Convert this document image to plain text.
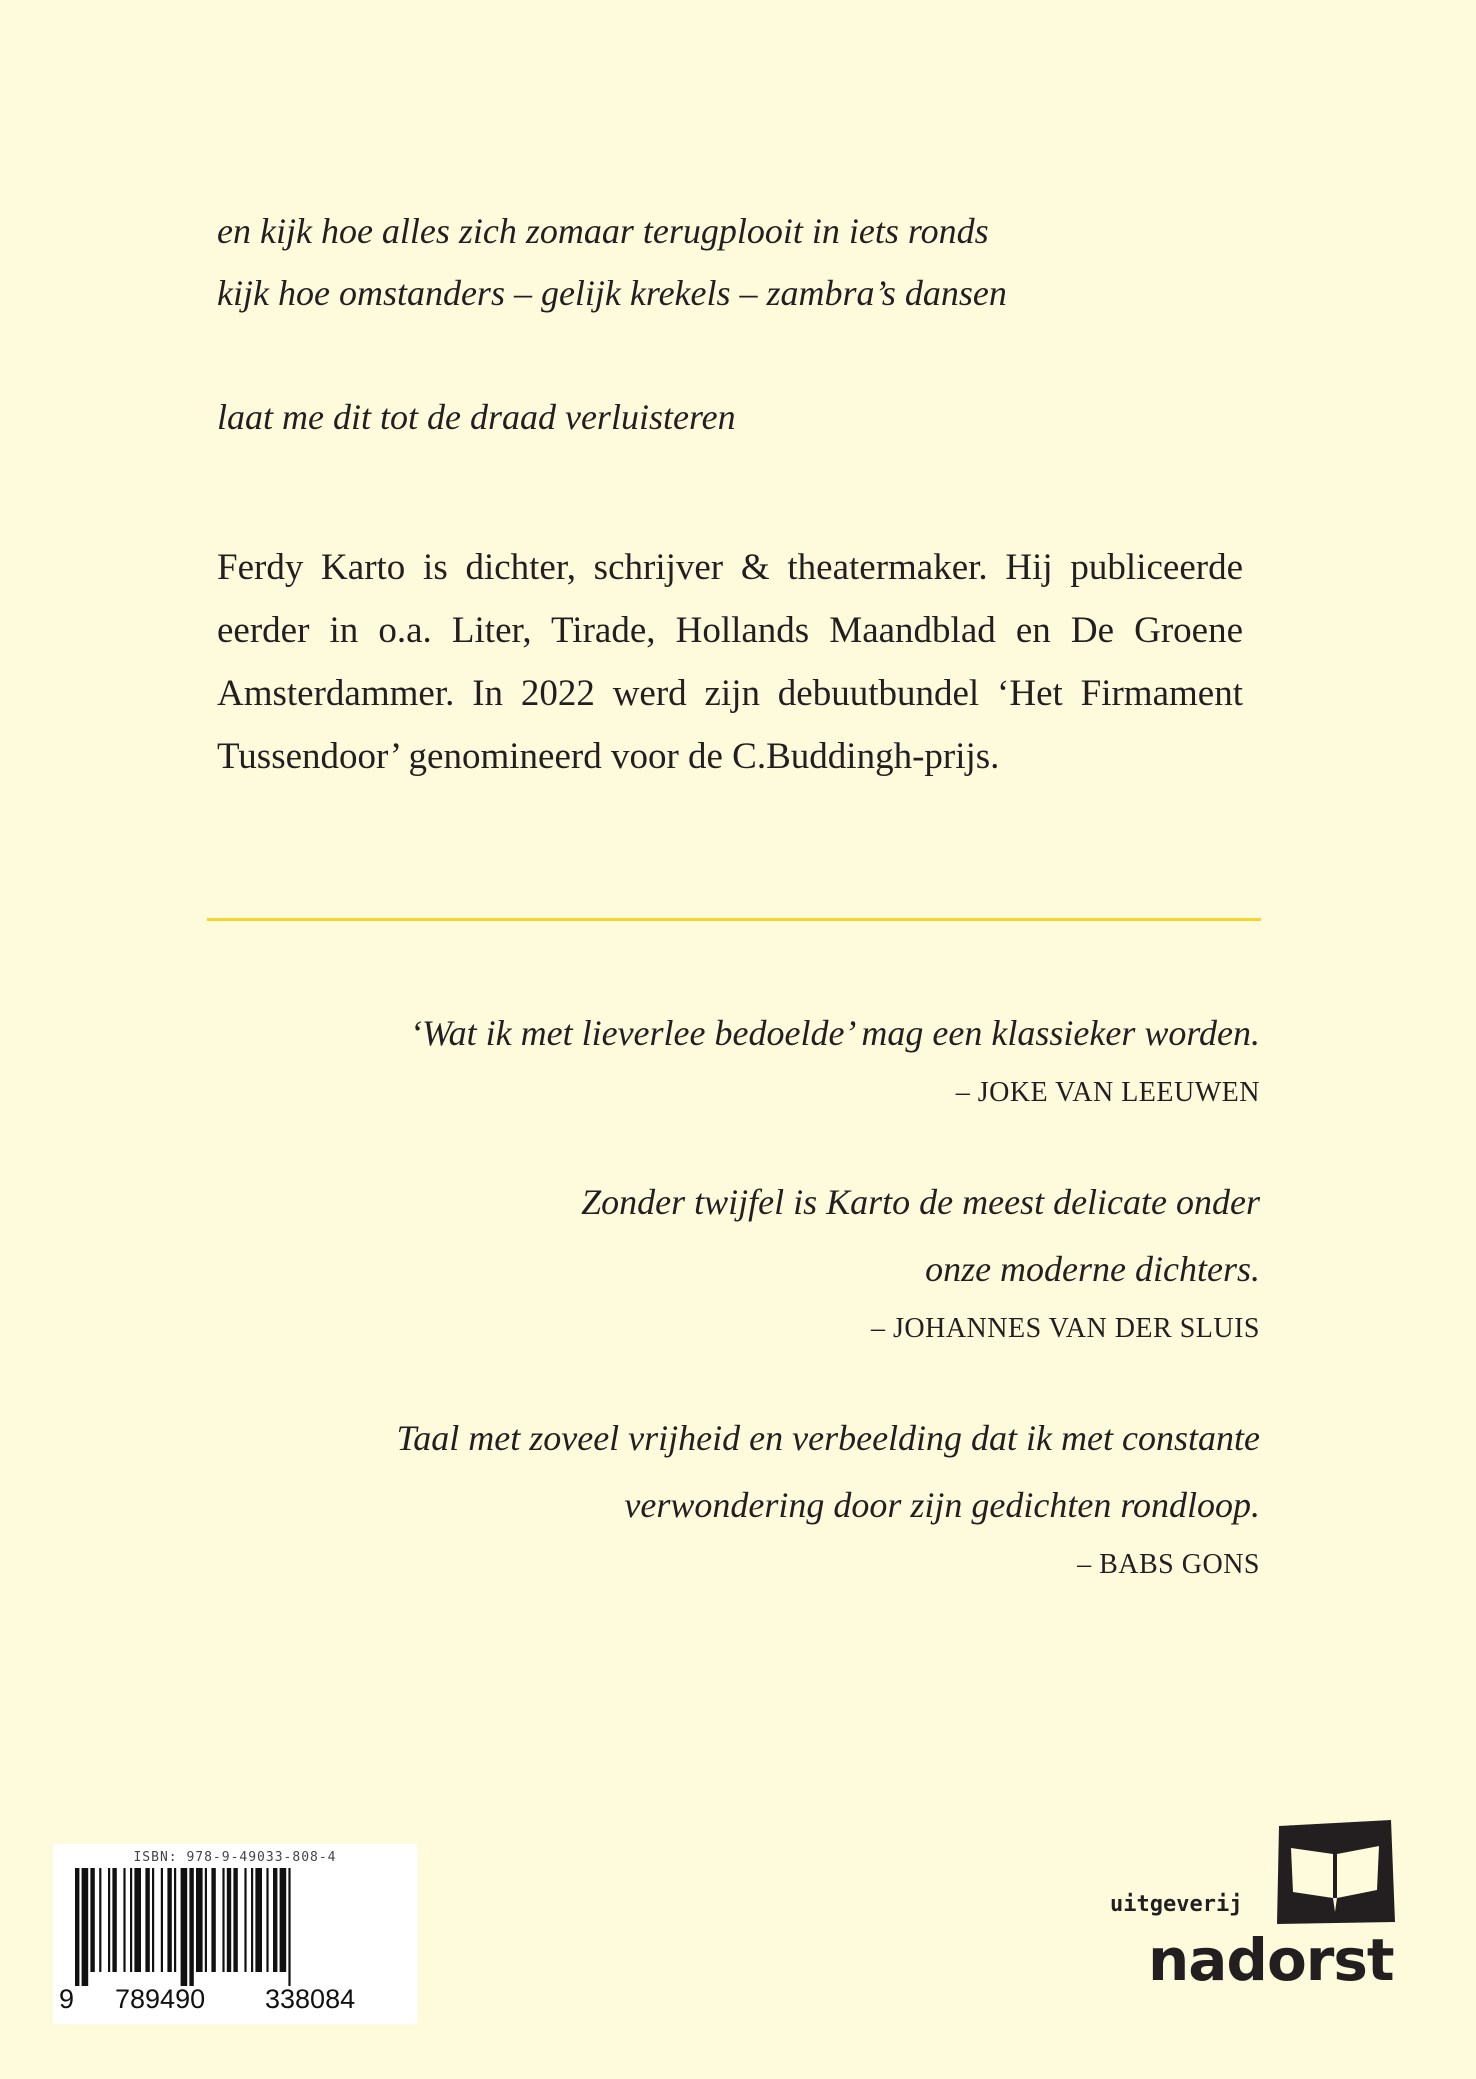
en kijk hoe alles zich zomaar terugplooit in iets ronds
kijk hoe omstanders – gelijk krekels – zambra’s dansen
laat me dit tot de draad verluisteren
Ferdy Karto is dichter, schrijver & theatermaker. Hij publiceerde eerder in o.a. Liter, Tirade, Hollands Maandblad en De Groene Amsterdammer. In 2022 werd zijn debuutbundel ‘Het Firmament Tussendoor’ genomineerd voor de C.Buddingh-prijs.
‘Wat ik met lieverlee bedoelde’ mag een klassieker worden.
– JOKE VAN LEEUWEN
Zonder twijfel is Karto de meest delicate onder
onze moderne dichters.
– JOHANNES VAN DER SLUIS
Taal met zoveel vrijheid en verbeelding dat ik met constante
verwondering door zijn gedichten rondloop.
– BABS GONS
ISBN: 978-9-49033-808-4
9 789490 338084
uitgeverij
nadorst
